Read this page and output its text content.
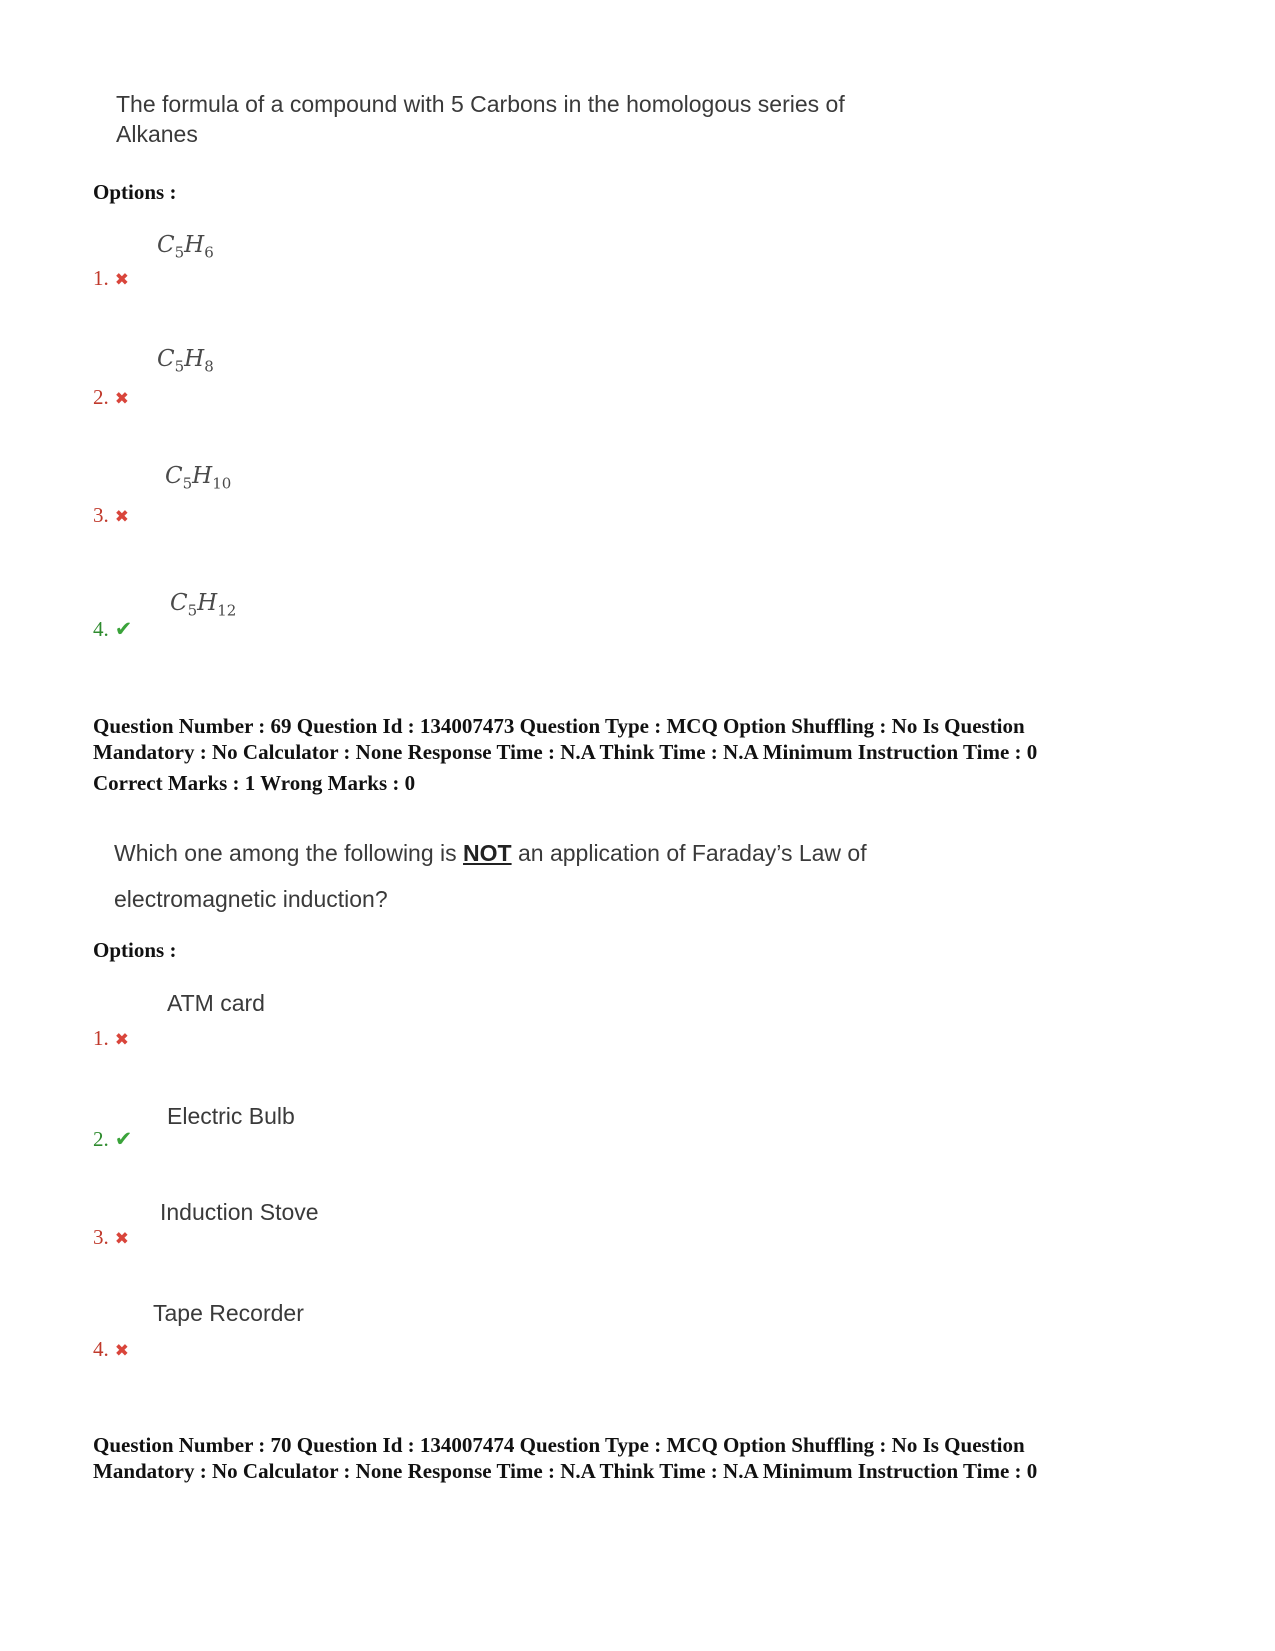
The formula of a compound with 5 Carbons in the homologous series of
Alkanes
Options :
$C_5H_6$
1. ✖
$C_5H_8$
2. ✖
$C_5H_{10}$
3. ✖
$C_5H_{12}$
4. ✔
Question Number : 69 Question Id : 134007473 Question Type : MCQ Option Shuffling : No Is Question
Mandatory : No Calculator : None Response Time : N.A Think Time : N.A Minimum Instruction Time : 0
Correct Marks : 1 Wrong Marks : 0
Which one among the following is NOT an application of Faraday’s Law of
electromagnetic induction?
Options :
ATM card
1. ✖
Electric Bulb
2. ✔
Induction Stove
3. ✖
Tape Recorder
4. ✖
Question Number : 70 Question Id : 134007474 Question Type : MCQ Option Shuffling : No Is Question
Mandatory : No Calculator : None Response Time : N.A Think Time : N.A Minimum Instruction Time : 0
